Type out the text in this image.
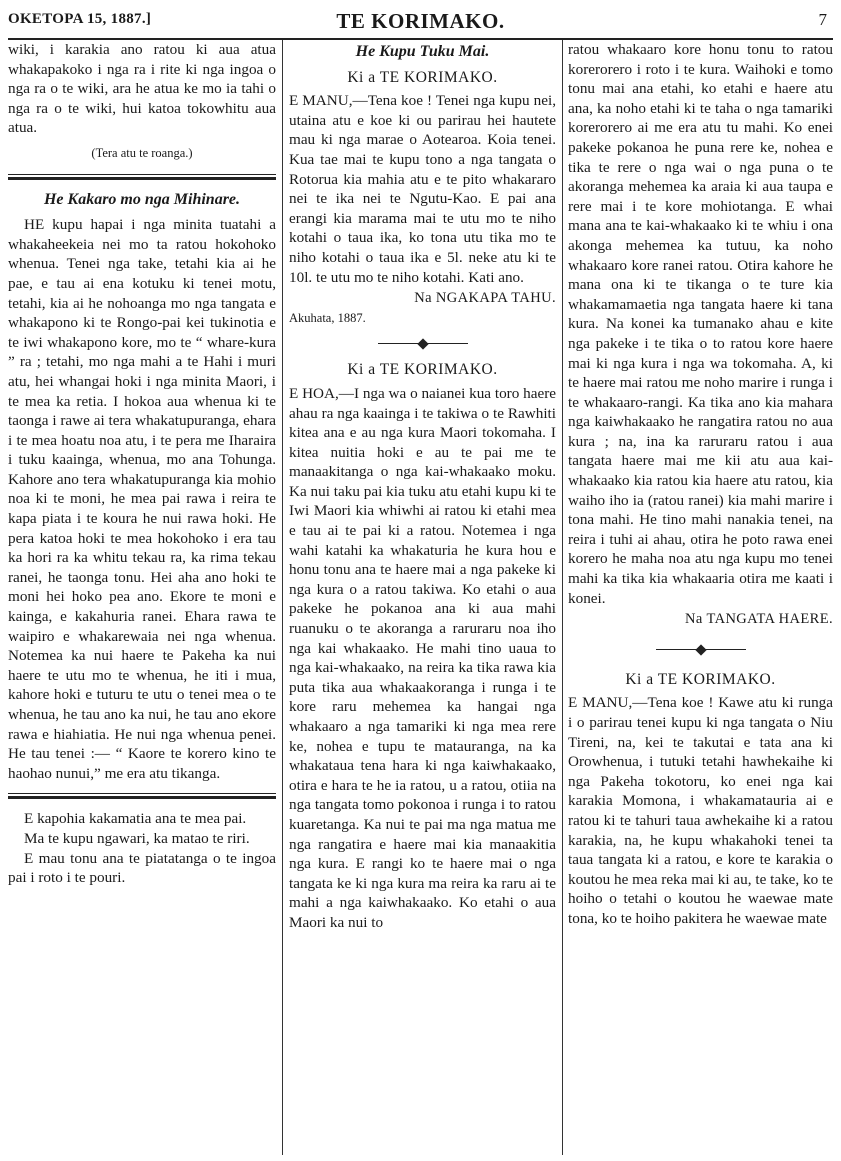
OKETOPA 15, 1887.]	TE KORIMAKO.	7

wiki, i karakia ano ratou ki aua atua whakapakoko i nga ra i rite ki nga ingoa o nga ra o te wiki, ara he atua ke mo ia tahi o nga ra o te wiki, hui katoa tokowhitu aua atua.

(Tera atu te roanga.)

He Kakaro mo nga Mihinare.

HE kupu hapai i nga minita tuatahi a whakaheekeia nei mo ta ratou hokohoko whenua. Tenei nga take, tetahi kia ai he pae, e tau ai ena kotuku ki tenei motu, tetahi, kia ai he nohoanga mo nga tangata e whakapono ki te Rongo-pai kei tukinotia e te iwi whakapono kore, mo te “ whare-kura ” ra ; tetahi, mo nga mahi a te Hahi i muri atu, hei whangai hoki i nga minita Maori, i te mea ka retia. I hokoa aua whenua ki te taonga i rawe ai tera whakatupuranga, ehara i te mea hoatu noa atu, i te pera me Iharaira i tuku kaainga, whenua, mo ana Tohunga. Kahore ano tera whakatupuranga kia mohio noa ki te moni, he mea pai rawa i reira te kapa piata i te koura he nui rawa hoki. He pera katoa hoki te mea hokohoko i era tau ka hori ra ka whitu tekau ra, ka rima tekau ranei, he taonga tonu. Hei aha ano hoki te moni hei hoko pea ano. Ekore te moni e kainga, e kakahuria ranei. Ehara rawa te waipiro e whakarewaia nei nga whenua. Notemea ka nui haere te Pakeha ka nui haere te utu mo te whenua, he iti i mua, kahore hoki e tuturu te utu o tenei mea o te whenua, he tau ano ka nui, he tau ano ekore rawa e hiahiatia. He nui nga whenua penei. He tau tenei :— “ Kaore te korero kino te haohao nunui,” me era atu tikanga.

E kapohia kakamatia ana te mea pai.

Ma te kupu ngawari, ka matao te riri.

E mau tonu ana te piatatanga o te ingoa pai i roto i te pouri.

He Kupu Tuku Mai.

Ki a TE KORIMAKO.

E MANU,—Tena koe ! Tenei nga kupu nei, utaina atu e koe ki ou parirau hei hautete mau ki nga marae o Aotearoa. Koia tenei. Kua tae mai te kupu tono a nga tangata o Rotorua kia mahia atu e te pito whakararo nei te ika nei te Ngutu-Kao. E pai ana erangi kia marama mai te utu mo te niho kotahi o taua ika, ko tona utu tika mo te niho kotahi o taua ika e 5l. neke atu ki te 10l. te utu mo te niho kotahi. Kati ano.

Na NGAKAPA TAHU.

Akuhata, 1887.

Ki a TE KORIMAKO.

E HOA,—I nga wa o naianei kua toro haere ahau ra nga kaainga i te takiwa o te Rawhiti kitea ana e au nga kura Maori tokomaha. I kitea nuitia hoki e au te pai me te manaakitanga o nga kai-whakaako moku. Ka nui taku pai kia tuku atu etahi kupu ki te Iwi Maori kia whiwhi ai ratou ki etahi mea e tau ai te pai ki a ratou. Notemea i nga wahi katahi ka whakaturia he kura hou e honu tonu ana te haere mai a nga pakeke ki nga kura o a ratou takiwa. Ko etahi o aua pakeke he pokanoa ana ki aua mahi ruanuku o te akoranga a raruraru noa iho nga kai whakaako. He mahi tino uaua to nga kai-whakaako, na reira ka tika rawa kia puta tika aua whakaakoranga i runga i te kore raru mehemea ka hangai nga whakaaro a nga tamariki ki nga mea rere ke, nohea e tupu te matauranga, na ka whakataua tena hara ki nga kaiwhakaako, otira e hara te he ia ratou, u a ratou, otiia na nga tangata tomo pokonoa i runga i to ratou kuaretanga. Ka nui te pai ma nga matua me nga rangatira e haere mai kia manaakitia nga kura. E rangi ko te haere mai o nga tangata ke ki nga kura ma reira ka raru ai te mahi a nga kaiwhakaako. Ko etahi o aua Maori ka nui to

ratou whakaaro kore honu tonu to ratou korerorero i roto i te kura. Waihoki e tomo tonu mai ana etahi, ko etahi e haere atu ana, ka noho etahi ki te taha o nga tamariki korerorero ai me era atu tu mahi. Ko enei pakeke pokanoa he puna rere ke, nohea e tika te rere o nga wai o nga puna o te akoranga mehemea ka araia ki aua taupa e rere mai i te kore mohiotanga. E whai mana ana te kai-whakaako ki te whiu i ona akonga mehemea ka tutuu, ka noho whakaaro kore ranei ratou. Otira kahore he mana ona ki te tikanga o te ture kia whakamamaetia nga tangata haere ki tana kura. Na konei ka tumanako ahau e kite nga pakeke i te tika o to ratou kore haere mai ki nga kura i nga wa tokomaha. A, ki te haere mai ratou me noho marire i runga i te whakaaro-rangi. Ka tika ano kia mahara nga kaiwhakaako he rangatira ratou no aua kura ; na, ina ka raruraru ratou i aua tangata haere mai me kii atu aua kai-whakaako kia ratou kia haere atu ratou, kia waiho iho ia (ratou ranei) kia mahi marire i tona mahi. He tino mahi nanakia tenei, na reira i tuhi ai ahau, otira he poto rawa enei korero he maha noa atu nga kupu mo tenei mahi ka tika kia whakaaria otira me kaati i konei.

Na TANGATA HAERE.

Ki a TE KORIMAKO.

E MANU,—Tena koe ! Kawe atu ki runga i o parirau tenei kupu ki nga tangata o Niu Tireni, na, kei te takutai e tata ana ki Orowhenua, i tutuki tetahi hawhekaihe ki nga Pakeha tokotoru, ko enei nga kai karakia Momona, i whakamatauria ai e ratou ki te tahuri taua awhekaihe ki a ratou karakia, na, he kupu whakahoki tenei ta taua tangata ki a ratou, e kore te karakia o koutou he mea reka mai ki au, te take, ko te hoiho o tetahi o koutou he waewae mate tona, ko te hoiho pakitera he waewae mate
